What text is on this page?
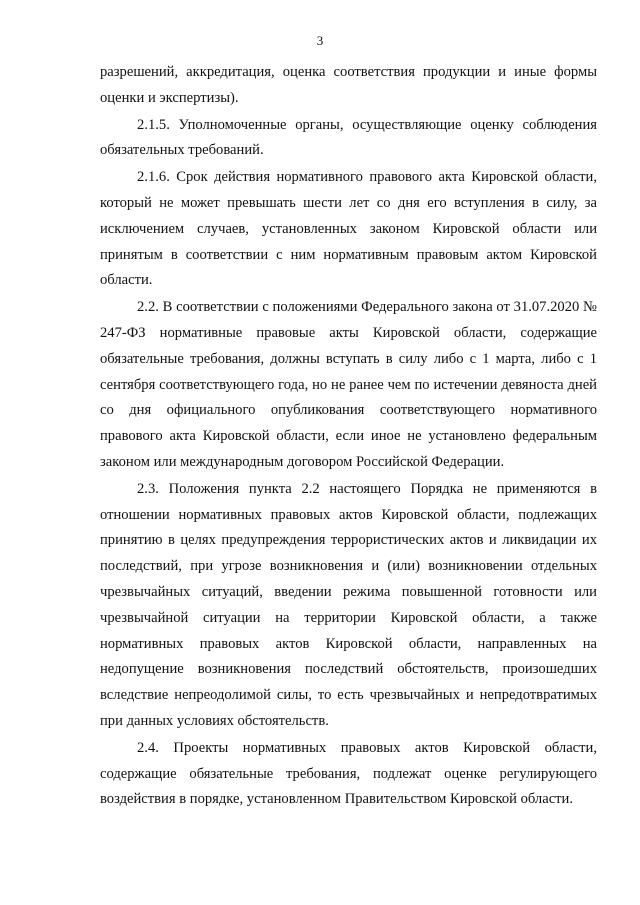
3

разрешений, аккредитация, оценка соответствия продукции и иные формы оценки и экспертизы).

2.1.5. Уполномоченные органы, осуществляющие оценку соблюдения обязательных требований.

2.1.6. Срок действия нормативного правового акта Кировской области, который не может превышать шести лет со дня его вступления в силу, за исключением случаев, установленных законом Кировской области или принятым в соответствии с ним нормативным правовым актом Кировской области.

2.2. В соответствии с положениями Федерального закона от 31.07.2020 № 247-ФЗ нормативные правовые акты Кировской области, содержащие обязательные требования, должны вступать в силу либо с 1 марта, либо с 1 сентября соответствующего года, но не ранее чем по истечении девяноста дней со дня официального опубликования соответствующего нормативного правового акта Кировской области, если иное не установлено федеральным законом или международным договором Российской Федерации.

2.3. Положения пункта 2.2 настоящего Порядка не применяются в отношении нормативных правовых актов Кировской области, подлежащих принятию в целях предупреждения террористических актов и ликвидации их последствий, при угрозе возникновения и (или) возникновении отдельных чрезвычайных ситуаций, введении режима повышенной готовности или чрезвычайной ситуации на территории Кировской области, а также нормативных правовых актов Кировской области, направленных на недопущение возникновения последствий обстоятельств, произошедших вследствие непреодолимой силы, то есть чрезвычайных и непредотвратимых при данных условиях обстоятельств.

2.4. Проекты нормативных правовых актов Кировской области, содержащие обязательные требования, подлежат оценке регулирующего воздействия в порядке, установленном Правительством Кировской области.
